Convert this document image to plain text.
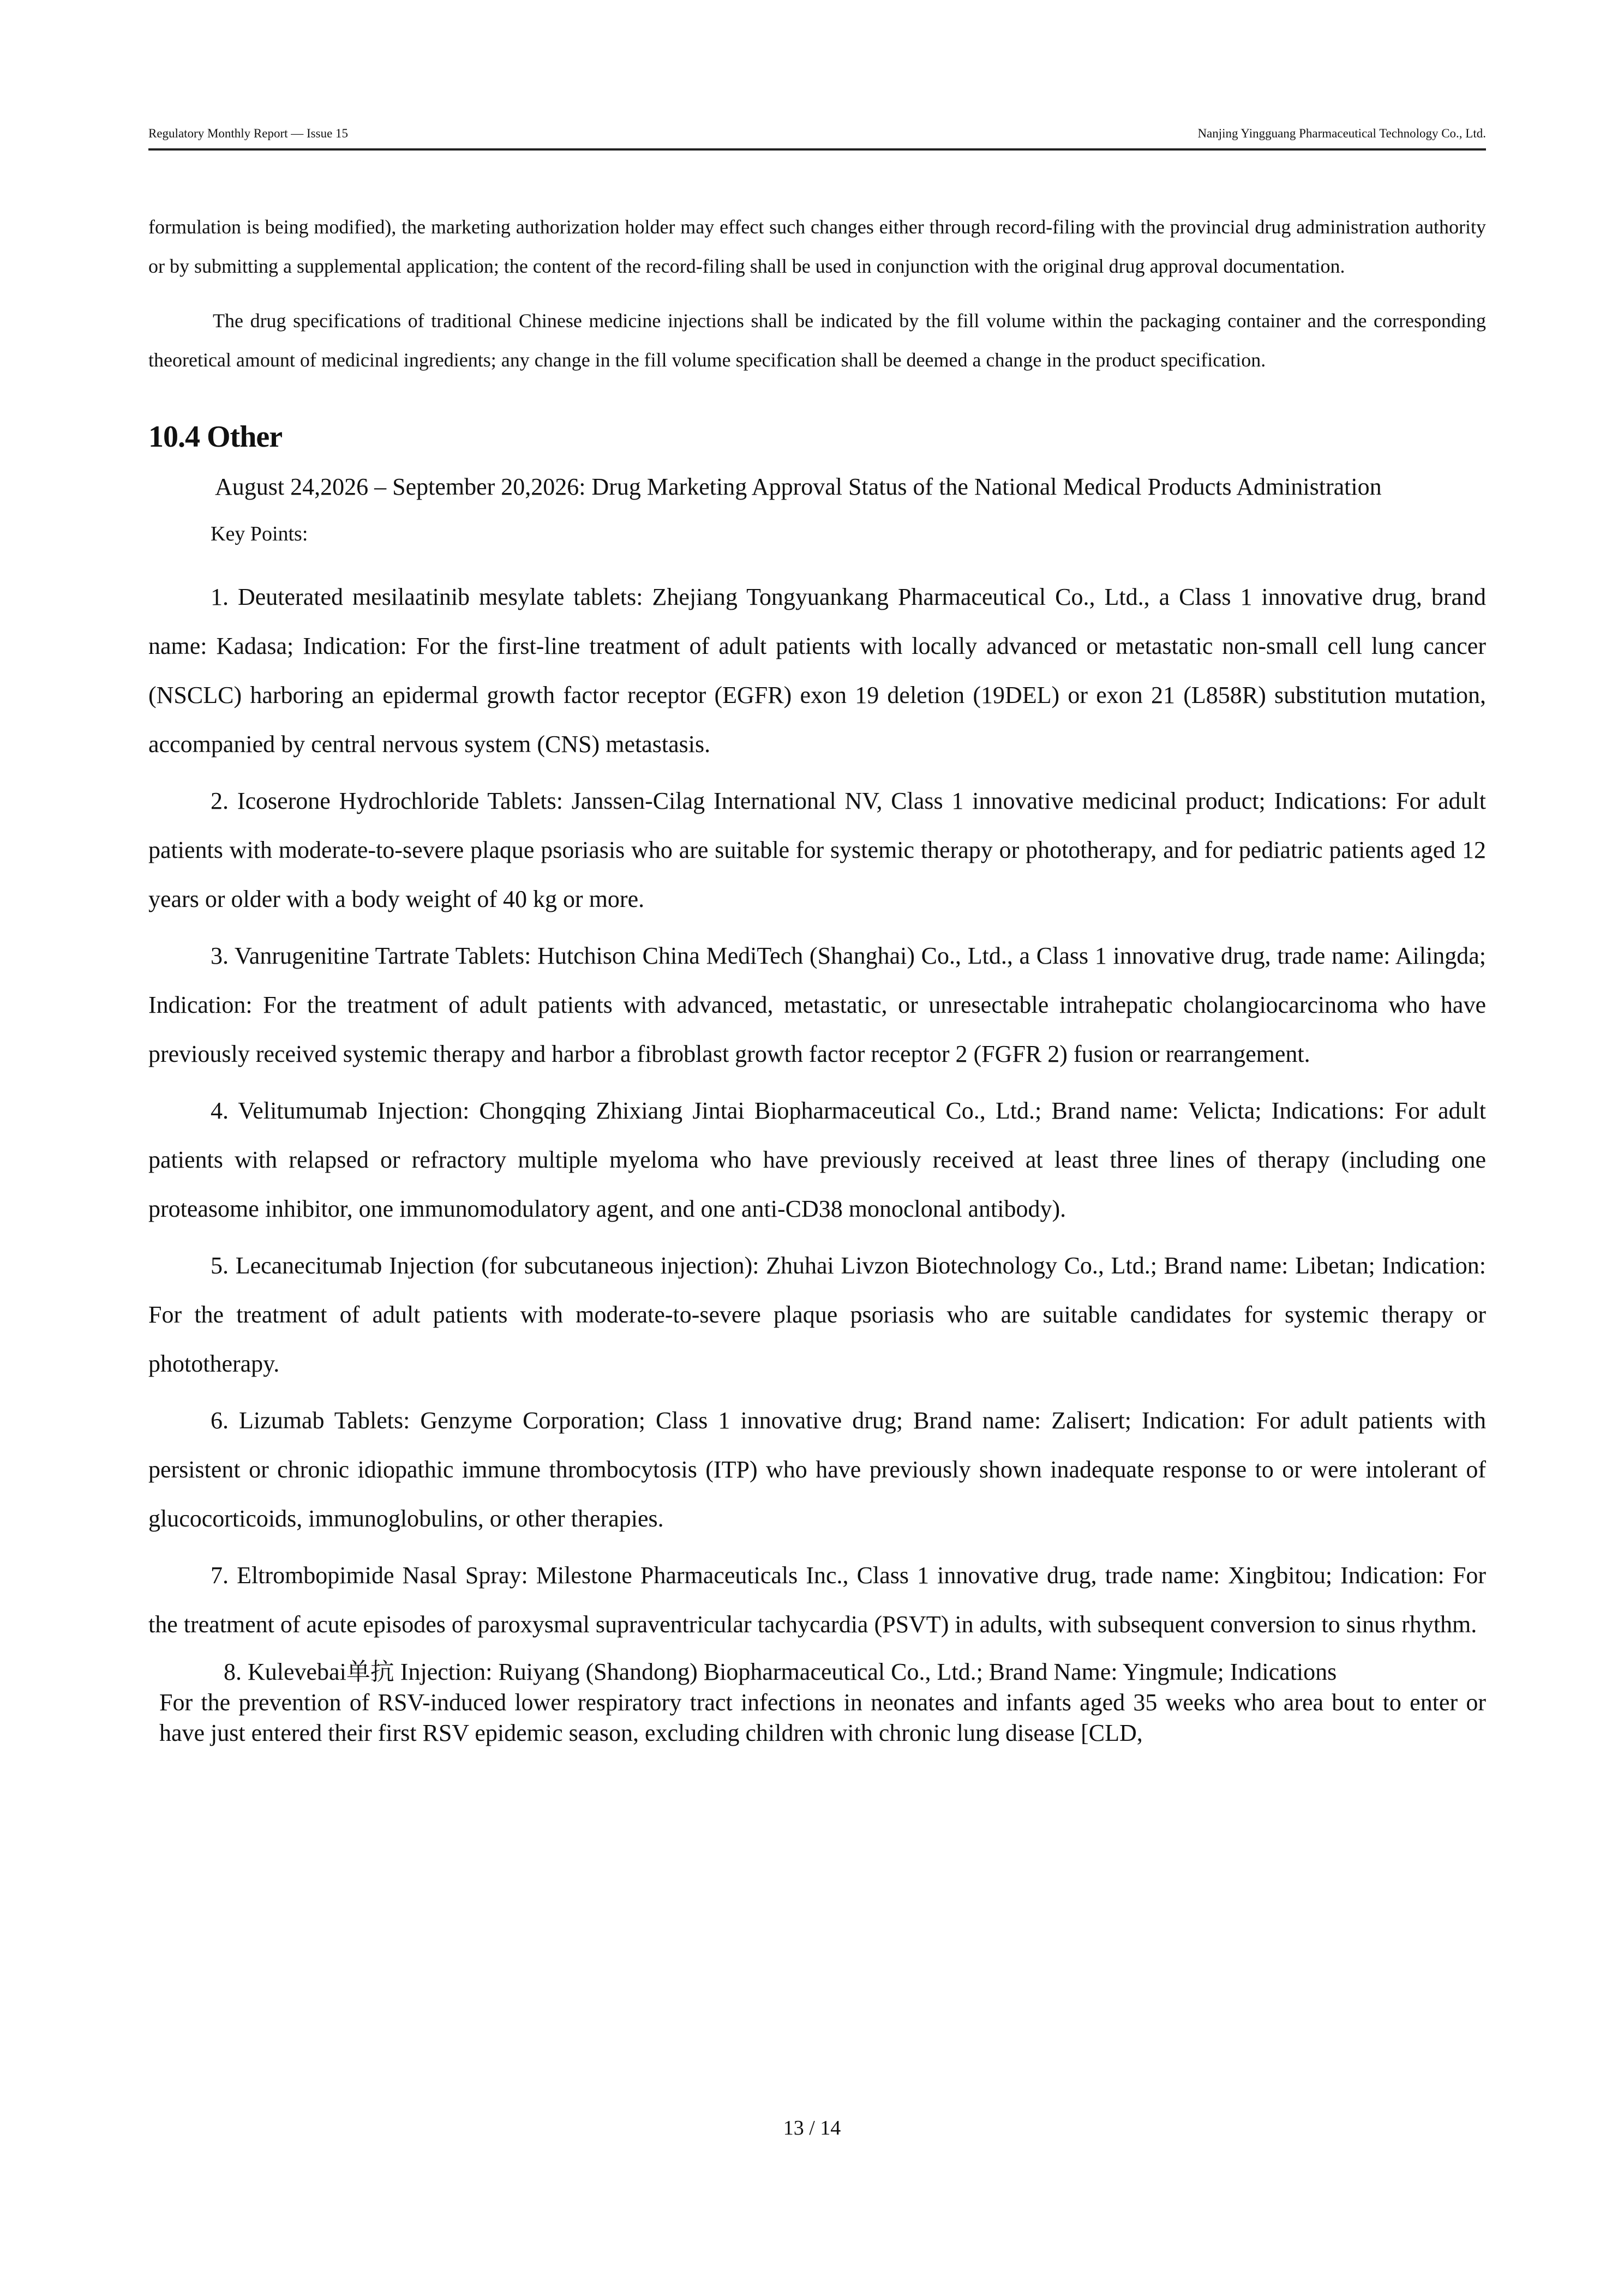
Regulatory Monthly Report — Issue 15	Nanjing Yingguang Pharmaceutical Technology Co., Ltd.

formulation is being modified), the marketing authorization holder may effect such changes either through record-filing with the provincial drug administration authority or by submitting a supplemental application; the content of the record-filing shall be used in conjunction with the original drug approval documentation.

The drug specifications of traditional Chinese medicine injections shall be indicated by the fill volume within the packaging container and the corresponding theoretical amount of medicinal ingredients; any change in the fill volume specification shall be deemed a change in the product specification.

10.4 Other

August 24,2026 – September 20,2026: Drug Marketing Approval Status of the National Medical Products Administration

Key Points:

1. Deuterated mesilaatinib mesylate tablets: Zhejiang Tongyuankang Pharmaceutical Co., Ltd., a Class 1 innovative drug, brand name: Kadasa; Indication: For the first-line treatment of adult patients with locally advanced or metastatic non-small cell lung cancer (NSCLC) harboring an epidermal growth factor receptor (EGFR) exon 19 deletion (19DEL) or exon 21 (L858R) substitution mutation, accompanied by central nervous system (CNS) metastasis.

2. Icoserone Hydrochloride Tablets: Janssen-Cilag International NV, Class 1 innovative medicinal product; Indications: For adult patients with moderate-to-severe plaque psoriasis who are suitable for systemic therapy or phototherapy, and for pediatric patients aged 12 years or older with a body weight of 40 kg or more.

3. Vanrugenitine Tartrate Tablets: Hutchison China MediTech (Shanghai) Co., Ltd., a Class 1 innovative drug, trade name: Ailingda; Indication: For the treatment of adult patients with advanced, metastatic, or unresectable intrahepatic cholangiocarcinoma who have previously received systemic therapy and harbor a fibroblast growth factor receptor 2 (FGFR 2) fusion or rearrangement.

4. Velitumumab Injection: Chongqing Zhixiang Jintai Biopharmaceutical Co., Ltd.; Brand name: Velicta; Indications: For adult patients with relapsed or refractory multiple myeloma who have previously received at least three lines of therapy (including one proteasome inhibitor, one immunomodulatory agent, and one anti-CD38 monoclonal antibody).

5. Lecanecitumab Injection (for subcutaneous injection): Zhuhai Livzon Biotechnology Co., Ltd.; Brand name: Libetan; Indication: For the treatment of adult patients with moderate-to-severe plaque psoriasis who are suitable candidates for systemic therapy or phototherapy.

6. Lizumab Tablets: Genzyme Corporation; Class 1 innovative drug; Brand name: Zalisert; Indication: For adult patients with persistent or chronic idiopathic immune thrombocytosis (ITP) who have previously shown inadequate response to or were intolerant of glucocorticoids, immunoglobulins, or other therapies.

7. Eltrombopimide Nasal Spray: Milestone Pharmaceuticals Inc., Class 1 innovative drug, trade name: Xingbitou; Indication: For the treatment of acute episodes of paroxysmal supraventricular tachycardia (PSVT) in adults, with subsequent conversion to sinus rhythm.

8. Kulevebai单抗 Injection: Ruiyang (Shandong) Biopharmaceutical Co., Ltd.; Brand Name: Yingmule; Indications
For the prevention of RSV-induced lower respiratory tract infections in neonates and infants aged 35 weeks who area bout to enter or have just entered their first RSV epidemic season, excluding children with chronic lung disease [CLD,
13 / 14
